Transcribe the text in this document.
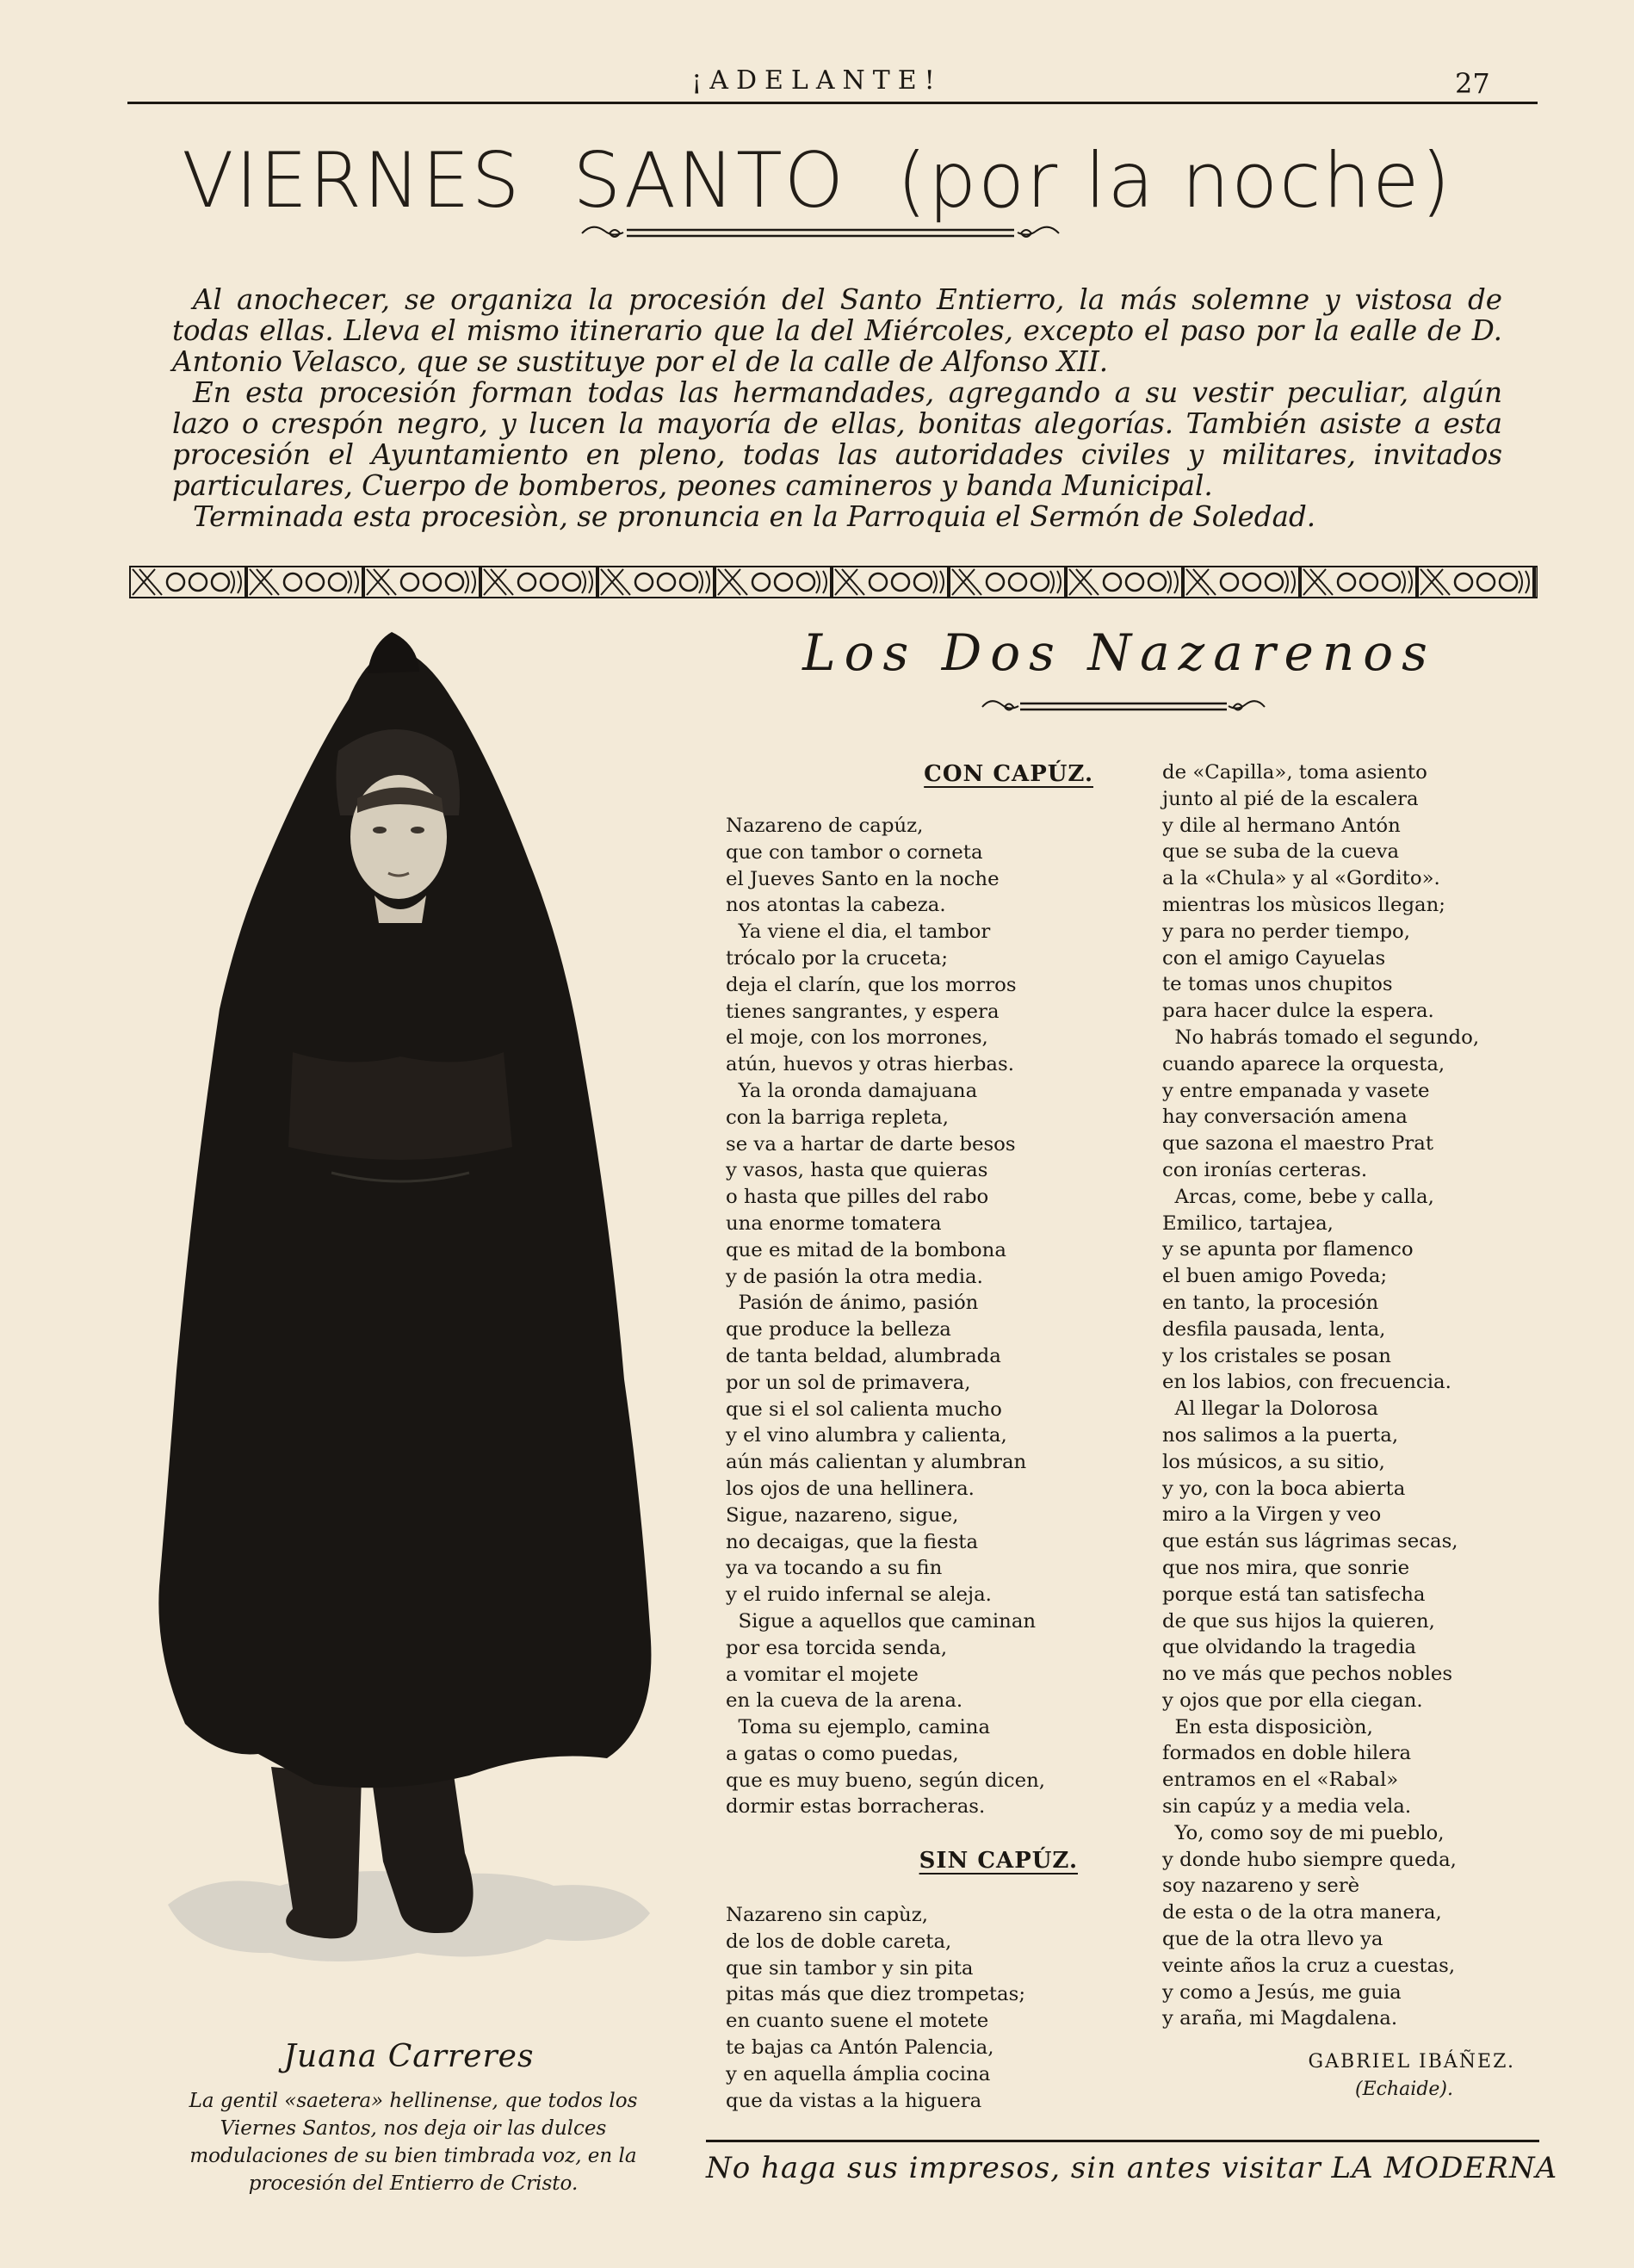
¡ADELANTE!	27
VIERNES  SANTO  (por la noche)

Al anochecer, se organiza la procesión del Santo Entierro, la más solemne y vistosa de todas ellas. Lleva el mismo itinerario que la del Miércoles, excepto el paso por la ealle de D. Antonio Velasco, que se sustituye por el de la calle de Alfonso XII.

En esta procesión forman todas las hermandades, agregando a su vestir peculiar, algún lazo o crespón negro, y lucen la mayoría de ellas, bonitas alegorías. También asiste a esta procesión el Ayuntamiento en pleno, todas las autoridades civiles y militares, invitados particulares, Cuerpo de bomberos, peones camineros y banda Municipal.

Terminada esta procesiòn, se pronuncia en la Parroquia el Sermón de Soledad.

Juana Carreres
La gentil «saetera» hellinense, que todos los Viernes Santos, nos deja oir las dulces modulaciones de su bien timbrada voz, en la procesión del Entierro de Cristo.
Los Dos Nazarenos
CON CAPÚZ.
Nazareno de capúz,
que con tambor o corneta
el Jueves Santo en la noche
nos atontas la cabeza.
Ya viene el dia, el tambor
trócalo por la cruceta;
deja el clarín, que los morros
tienes sangrantes, y espera
el moje, con los morrones,
atún, huevos y otras hierbas.
Ya la oronda damajuana
con la barriga repleta,
se va a hartar de darte besos
y vasos, hasta que quieras
o hasta que pilles del rabo
una enorme tomatera
que es mitad de la bombona
y de pasión la otra media.
Pasión de ánimo, pasión
que produce la belleza
de tanta beldad, alumbrada
por un sol de primavera,
que si el sol calienta mucho
y el vino alumbra y calienta,
aún más calientan y alumbran
los ojos de una hellinera.
Sigue, nazareno, sigue,
no decaigas, que la fiesta
ya va tocando a su fin
y el ruido infernal se aleja.
Sigue a aquellos que caminan
por esa torcida senda,
a vomitar el mojete
en la cueva de la arena.
Toma su ejemplo, camina
a gatas o como puedas,
que es muy bueno, según dicen,
dormir estas borracheras.
SIN CAPÚZ.
Nazareno sin capùz,
de los de doble careta,
que sin tambor y sin pita
pitas más que diez trompetas;
en cuanto suene el motete
te bajas ca Antón Palencia,
y en aquella ámplia cocina
que da vistas a la higuera
de «Capilla», toma asiento
junto al pié de la escalera
y dile al hermano Antón
que se suba de la cueva
a la «Chula» y al «Gordito».
mientras los mùsicos llegan;
y para no perder tiempo,
con el amigo Cayuelas
te tomas unos chupitos
para hacer dulce la espera.
No habrás tomado el segundo,
cuando aparece la orquesta,
y entre empanada y vasete
hay conversación amena
que sazona el maestro Prat
con ironías certeras.
Arcas, come, bebe y calla,
Emilico, tartajea,
y se apunta por flamenco
el buen amigo Poveda;
en tanto, la procesión
desfila pausada, lenta,
y los cristales se posan
en los labios, con frecuencia.
Al llegar la Dolorosa
nos salimos a la puerta,
los músicos, a su sitio,
y yo, con la boca abierta
miro a la Virgen y veo
que están sus lágrimas secas,
que nos mira, que sonrie
porque está tan satisfecha
de que sus hijos la quieren,
que olvidando la tragedia
no ve más que pechos nobles
y ojos que por ella ciegan.
En esta disposiciòn,
formados en doble hilera
entramos en el «Rabal»
sin capúz y a media vela.
Yo, como soy de mi pueblo,
y donde hubo siempre queda,
soy nazareno y serè
de esta o de la otra manera,
que de la otra llevo ya
veinte años la cruz a cuestas,
y como a Jesús, me guia
y araña, mi Magdalena.
GABRIEL IBÁÑEZ.
(Echaide).
No haga sus impresos, sin antes visitar LA MODERNA
